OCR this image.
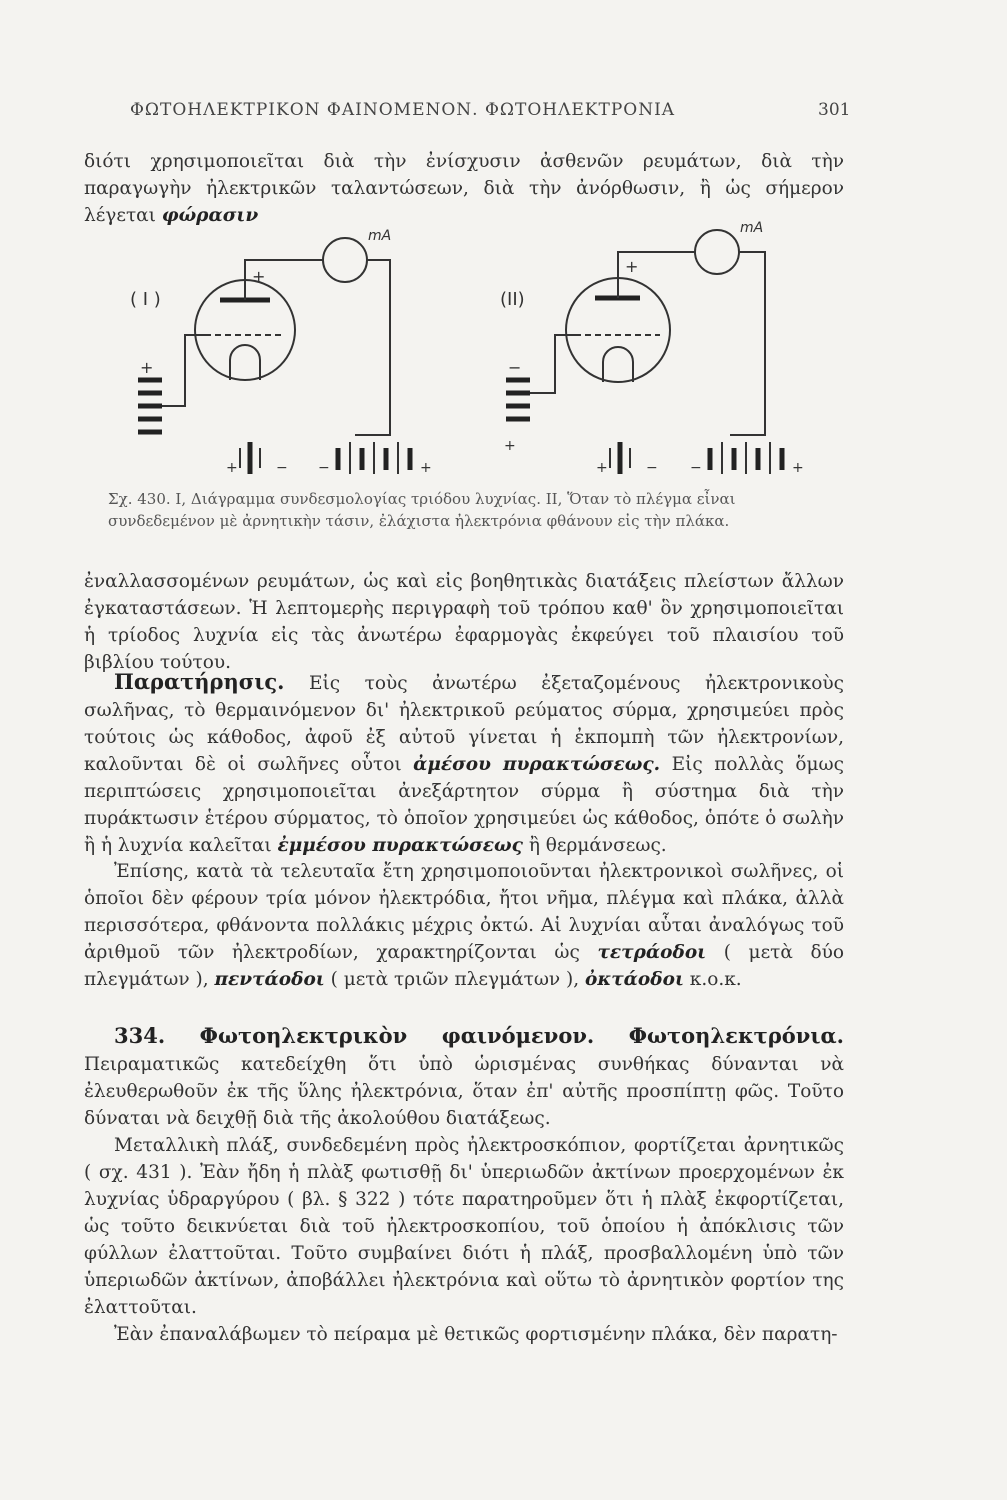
ΦΩΤΟΗΛΕΚΤΡΙΚΟΝ ΦΑΙΝΟΜΕΝΟΝ. ΦΩΤΟΗΛΕΚΤΡΟΝΙΑ	301

διότι χρησιμοποιεῖται διὰ τὴν ἐνίσχυσιν ἀσθενῶν ρευμάτων, διὰ τὴν παραγωγὴν ἠλεκτρικῶν ταλαντώσεων, διὰ τὴν ἀνόρθωσιν, ἢ ὡς σήμερον λέγεται φώρασιν

( I )
mA
+
+
+	− −	+
(II)
mA
+
−
+
+	− −	+
Σχ. 430. I, Διάγραμμα συνδεσμολογίας τριόδου λυχνίας. II, Ὅταν τὸ πλέγμα εἶναι συνδεδεμένον μὲ ἀρνητικὴν τάσιν, ἐλάχιστα ἠλεκτρόνια φθάνουν εἰς τὴν πλάκα.

ἐναλλασσομένων ρευμάτων, ὡς καὶ εἰς βοηθητικὰς διατάξεις πλείστων ἄλλων ἐγκαταστάσεων. Ἡ λεπτομερὴς περιγραφὴ τοῦ τρόπου καθ' ὃν χρησιμοποιεῖται ἡ τρίοδος λυχνία εἰς τὰς ἀνωτέρω ἐφαρμογὰς ἐκφεύγει τοῦ πλαισίου τοῦ βιβλίου τούτου.

Παρατήρησις. Εἰς τοὺς ἀνωτέρω ἐξεταζομένους ἠλεκτρονικοὺς σωλῆνας, τὸ θερμαινόμενον δι' ἠλεκτρικοῦ ρεύματος σύρμα, χρησιμεύει πρὸς τούτοις ὡς κάθοδος, ἀφοῦ ἐξ αὐτοῦ γίνεται ἡ ἐκπομπὴ τῶν ἠλεκτρονίων, καλοῦνται δὲ οἱ σωλῆνες οὗτοι ἀμέσου πυρακτώσεως. Εἰς πολλὰς ὅμως περιπτώσεις χρησιμοποιεῖται ἀνεξάρτητον σύρμα ἢ σύστημα διὰ τὴν πυράκτωσιν ἑτέρου σύρματος, τὸ ὁποῖον χρησιμεύει ὡς κάθοδος, ὁπότε ὁ σωλὴν ἢ ἡ λυχνία καλεῖται ἐμμέσου πυρακτώσεως ἢ θερμάνσεως.

Ἐπίσης, κατὰ τὰ τελευταῖα ἔτη χρησιμοποιοῦνται ἠλεκτρονικοὶ σωλῆνες, οἱ ὁποῖοι δὲν φέρουν τρία μόνον ἠλεκτρόδια, ἤτοι νῆμα, πλέγμα καὶ πλάκα, ἀλλὰ περισσότερα, φθάνοντα πολλάκις μέχρις ὀκτώ. Αἱ λυχνίαι αὗται ἀναλόγως τοῦ ἀριθμοῦ τῶν ἠλεκτροδίων, χαρακτηρίζονται ὡς τετράοδοι ( μετὰ δύο πλεγμάτων ), πεντάοδοι ( μετὰ τριῶν πλεγμάτων ), ὀκτάοδοι κ.ο.κ.

334. Φωτοηλεκτρικὸν φαινόμενον. Φωτοηλεκτρόνια. Πειραματικῶς κατεδείχθη ὅτι ὑπὸ ὡρισμένας συνθήκας δύνανται νὰ ἐλευθερωθοῦν ἐκ τῆς ὕλης ἠλεκτρόνια, ὅταν ἐπ' αὐτῆς προσπίπτῃ φῶς. Τοῦτο δύναται νὰ δειχθῇ διὰ τῆς ἀκολούθου διατάξεως.

Μεταλλικὴ πλάξ, συνδεδεμένη πρὸς ἠλεκτροσκόπιον, φορτίζεται ἀρνητικῶς ( σχ. 431 ). Ἐὰν ἤδη ἡ πλὰξ φωτισθῇ δι' ὑπεριωδῶν ἀκτίνων προερχομένων ἐκ λυχνίας ὑδραργύρου ( βλ. § 322 ) τότε παρατηροῦμεν ὅτι ἡ πλὰξ ἐκφορτίζεται, ὡς τοῦτο δεικνύεται διὰ τοῦ ἠλεκτροσκοπίου, τοῦ ὁποίου ἡ ἀπόκλισις τῶν φύλλων ἐλαττοῦται. Τοῦτο συμβαίνει διότι ἡ πλάξ, προσβαλλομένη ὑπὸ τῶν ὑπεριωδῶν ἀκτίνων, ἀποβάλλει ἠλεκτρόνια καὶ οὕτω τὸ ἀρνητικὸν φορτίον της ἐλαττοῦται.

Ἐὰν ἐπαναλάβωμεν τὸ πείραμα μὲ θετικῶς φορτισμένην πλάκα, δὲν παρατη-
